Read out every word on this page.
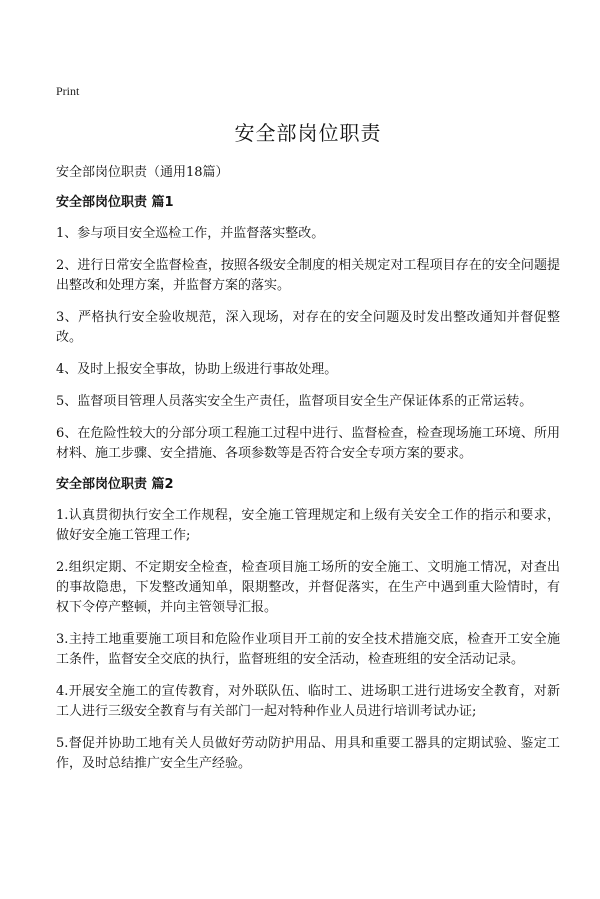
Print
安全部岗位职责
安全部岗位职责（通用18篇）
安全部岗位职责 篇1

1、参与项目安全巡检工作，并监督落实整改。

2、进行日常安全监督检查，按照各级安全制度的相关规定对工程项目存在的安全问题提出整改和处理方案，并监督方案的落实。

3、严格执行安全验收规范，深入现场，对存在的安全问题及时发出整改通知并督促整改。

4、及时上报安全事故，协助上级进行事故处理。

5、监督项目管理人员落实安全生产责任，监督项目安全生产保证体系的正常运转。

6、在危险性较大的分部分项工程施工过程中进行、监督检查，检查现场施工环境、所用材料、施工步骤、安全措施、各项参数等是否符合安全专项方案的要求。

安全部岗位职责 篇2

1.认真贯彻执行安全工作规程，安全施工管理规定和上级有关安全工作的指示和要求，做好安全施工管理工作;

2.组织定期、不定期安全检查，检查项目施工场所的安全施工、文明施工情况，对查出的事故隐患，下发整改通知单，限期整改，并督促落实，在生产中遇到重大险情时，有权下令停产整顿，并向主管领导汇报。

3.主持工地重要施工项目和危险作业项目开工前的安全技术措施交底，检查开工安全施工条件，监督安全交底的执行，监督班组的安全活动，检查班组的安全活动记录。

4.开展安全施工的宣传教育，对外联队伍、临时工、进场职工进行进场安全教育，对新工人进行三级安全教育与有关部门一起对特种作业人员进行培训考试办证;

5.督促并协助工地有关人员做好劳动防护用品、用具和重要工器具的定期试验、鉴定工作，及时总结推广安全生产经验。
